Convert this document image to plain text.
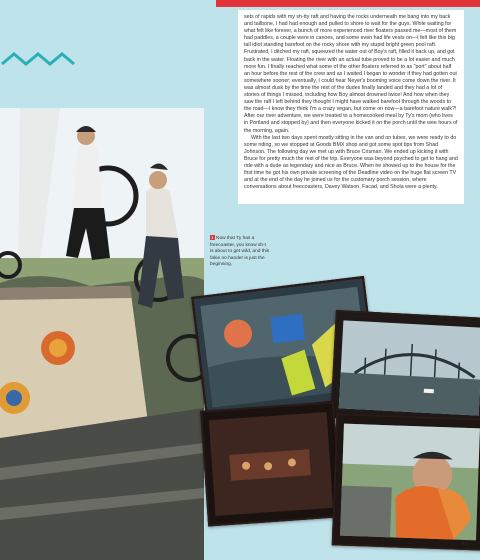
sets of rapids with my sh-tty raft and having the rocks underneath me bang into my back and tailbone, I had had enough and pulled to shore to wait for the guys. While waiting for what felt like forever, a bunch of more experienced river floaters passed me—most of them had paddles, a couple were in canoes, and some even had life vests on—I felt like this big tall idiot standing barefoot on the rocky shore with my stupid bright green pool raft. Frustrated, I ditched my raft, squeezed the water out of Boy's raft, filled it back up, and got back in the water. Floating the river with an actual tube proved to be a lot easier and much more fun. I finally reached what some of the other floaters referred to as "port" about half an hour before the rest of the crew and as I waited I began to wonder if they had gotten out somewhere sooner; eventually, I could hear Neyer's booming voice come down the river. It was almost dusk by the time the rest of the dudes finally landed and they had a lot of stories of things I missed, including how Boy almost drowned twice! And how when they saw the raft I left behind they thought I might have walked barefoot through the woods to the road—I know they think I'm a crazy vegan, but come on now—a barefoot nature walk?! After our river adventure, we were treated to a homecooked meal by Ty's mom (who lives in Portland and stopped by) and then everyone kicked it on the porch until the wee hours of the morning, again.

With the last two days spent mostly sitting in the van and on tubes, we were ready to do some riding, so we stopped at Goods BMX shop and got some spot tips from Shad Johnson. The following day we met up with Bruce Crisman. We ended up kicking it with Bruce for pretty much the rest of the trip. Everyone was beyond psyched to get to hang and ride with a dude as legendary and nice as Bruce. When he showed up to the house for the first time he got his own private screening of the Deadline video on the huge flat screen TV and at the end of the day he joined us for the customary porch session, where conversations about freecoasters, Davey Watson, Facad, and Shola were a plenty.

1 Now that Ty has a freecoaster, you know sh-t is about to get wild, and this fakie no hander is just the beginning.
41
